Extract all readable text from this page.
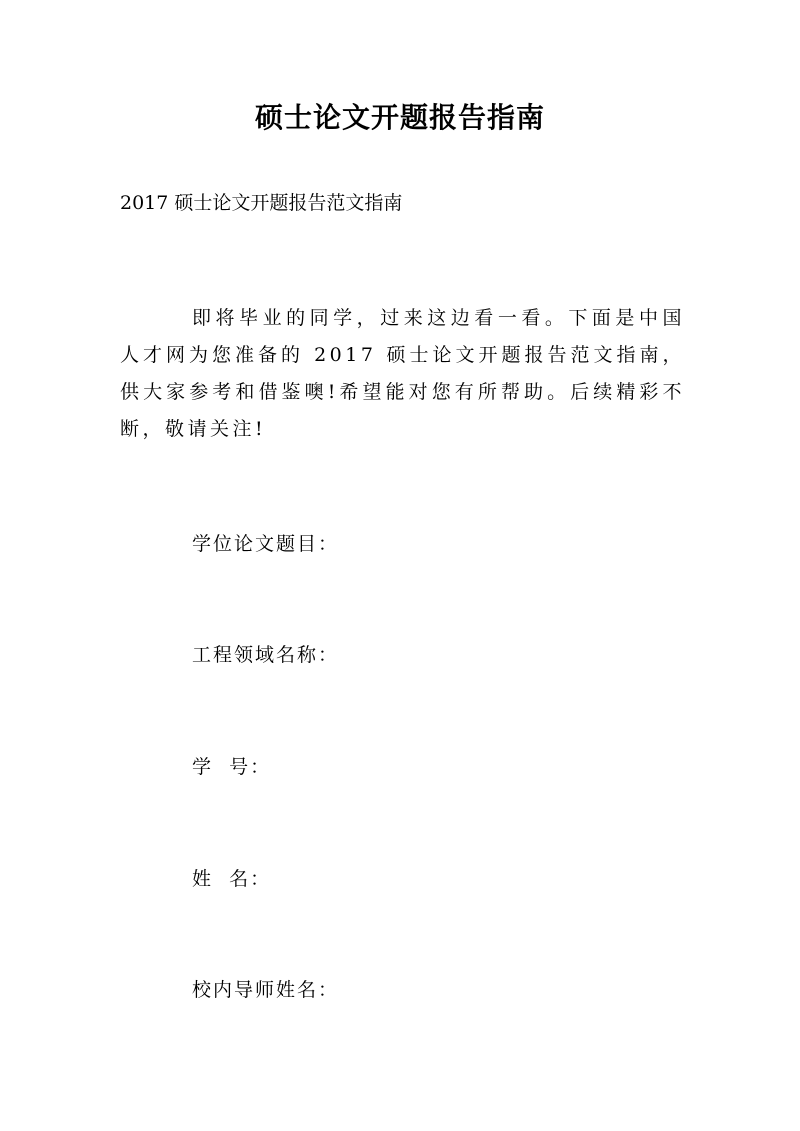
硕士论文开题报告指南
2017 硕士论文开题报告范文指南
即将毕业的同学，过来这边看一看。下面是中国人才网为您准备的 2017 硕士论文开题报告范文指南，供大家参考和借鉴噢!希望能对您有所帮助。后续精彩不断，敬请关注!
学位论文题目：
工程领域名称：
学  号：
姓  名：
校内导师姓名：
